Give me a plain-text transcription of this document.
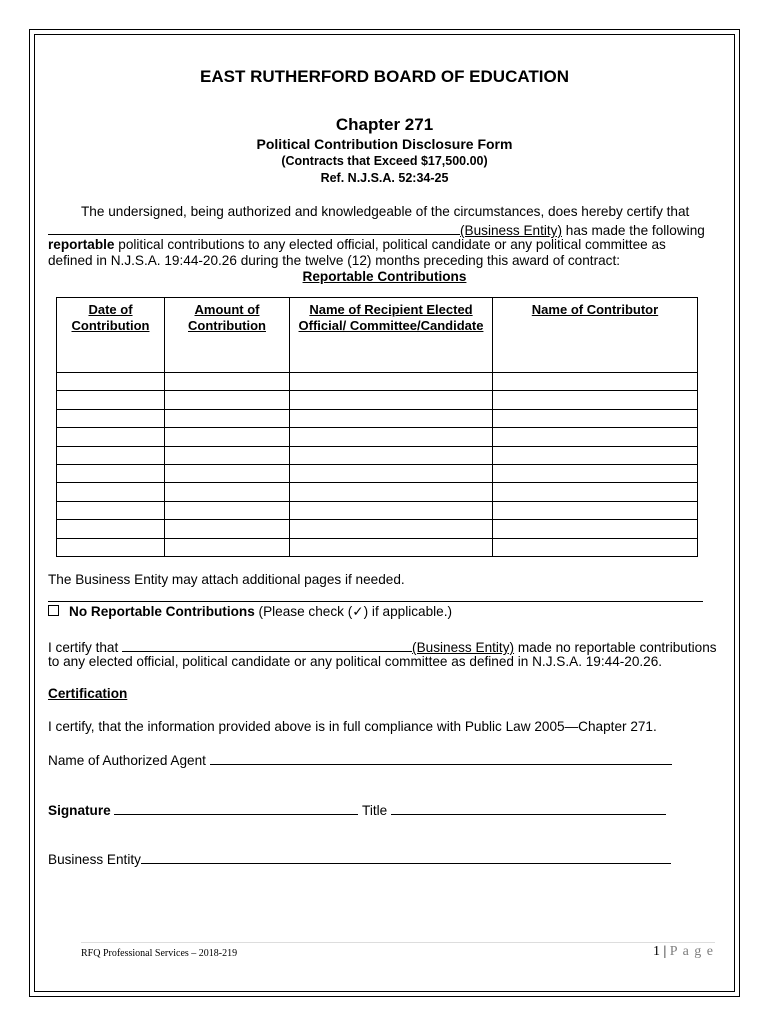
EAST RUTHERFORD BOARD OF EDUCATION
Chapter 271
Political Contribution Disclosure Form
(Contracts that Exceed $17,500.00)
Ref. N.J.S.A. 52:34-25
The undersigned, being authorized and knowledgeable of the circumstances, does hereby certify that
(Business Entity) has made the following
reportable political contributions to any elected official, political candidate or any political committee as
defined in N.J.S.A. 19:44-20.26 during the twelve (12) months preceding this award of contract:
Reportable Contributions
Date of Contribution	Amount of Contribution	Name of Recipient Elected Official/ Committee/Candidate	Name of Contributor

The Business Entity may attach additional pages if needed.
No Reportable Contributions (Please check (✓) if applicable.)
I certify that	(Business Entity) made no reportable contributions
to any elected official, political candidate or any political committee as defined in N.J.S.A. 19:44-20.26.
Certification
I certify, that the information provided above is in full compliance with Public Law 2005—Chapter 271.
Name of Authorized Agent
Signature	Title
Business Entity
RFQ Professional Services – 2018-219	1 | P a g e
